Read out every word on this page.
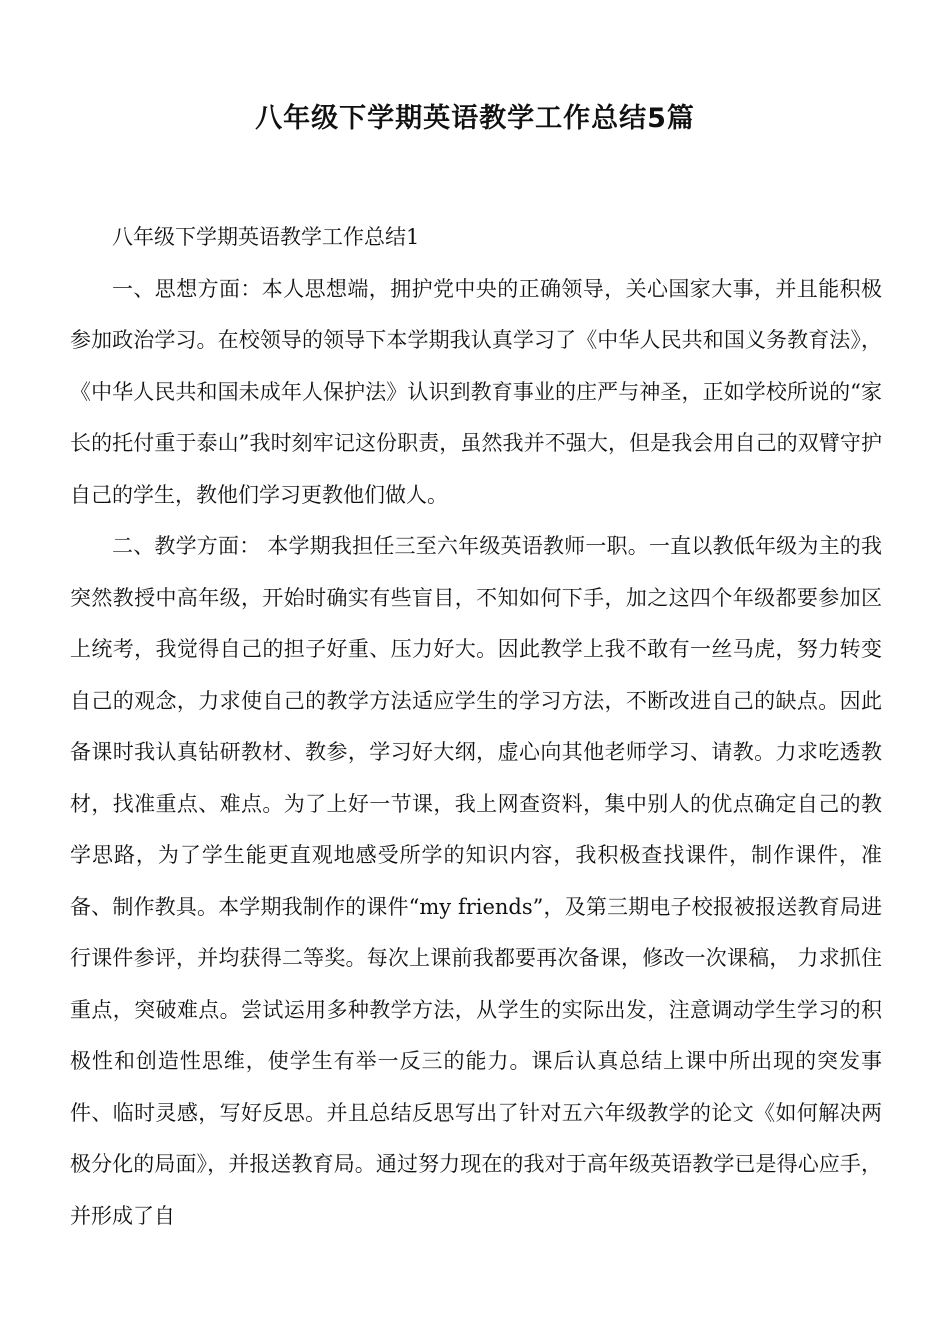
八年级下学期英语教学工作总结5篇

八年级下学期英语教学工作总结1

一、思想方面：本人思想端，拥护党中央的正确领导，关心国家大事，并且能积极参加政治学习。在校领导的领导下本学期我认真学习了《中华人民共和国义务教育法》，《中华人民共和国未成年人保护法》认识到教育事业的庄严与神圣，正如学校所说的“家长的托付重于泰山”我时刻牢记这份职责，虽然我并不强大，但是我会用自己的双臂守护自己的学生，教他们学习更教他们做人。

二、教学方面： 本学期我担任三至六年级英语教师一职。一直以教低年级为主的我突然教授中高年级，开始时确实有些盲目，不知如何下手，加之这四个年级都要参加区上统考，我觉得自己的担子好重、压力好大。因此教学上我不敢有一丝马虎，努力转变自己的观念，力求使自己的教学方法适应学生的学习方法，不断改进自己的缺点。因此备课时我认真钻研教材、教参，学习好大纲，虚心向其他老师学习、请教。力求吃透教材，找准重点、难点。为了上好一节课，我上网查资料，集中别人的优点确定自己的教学思路，为了学生能更直观地感受所学的知识内容，我积极查找课件，制作课件，准备、制作教具。本学期我制作的课件“my friends”，及第三期电子校报被报送教育局进行课件参评，并均获得二等奖。每次上课前我都要再次备课，修改一次课稿， 力求抓住重点，突破难点。尝试运用多种教学方法，从学生的实际出发，注意调动学生学习的积极性和创造性思维，使学生有举一反三的能力。课后认真总结上课中所出现的突发事件、临时灵感，写好反思。并且总结反思写出了针对五六年级教学的论文《如何解决两极分化的局面》，并报送教育局。通过努力现在的我对于高年级英语教学已是得心应手，并形成了自
